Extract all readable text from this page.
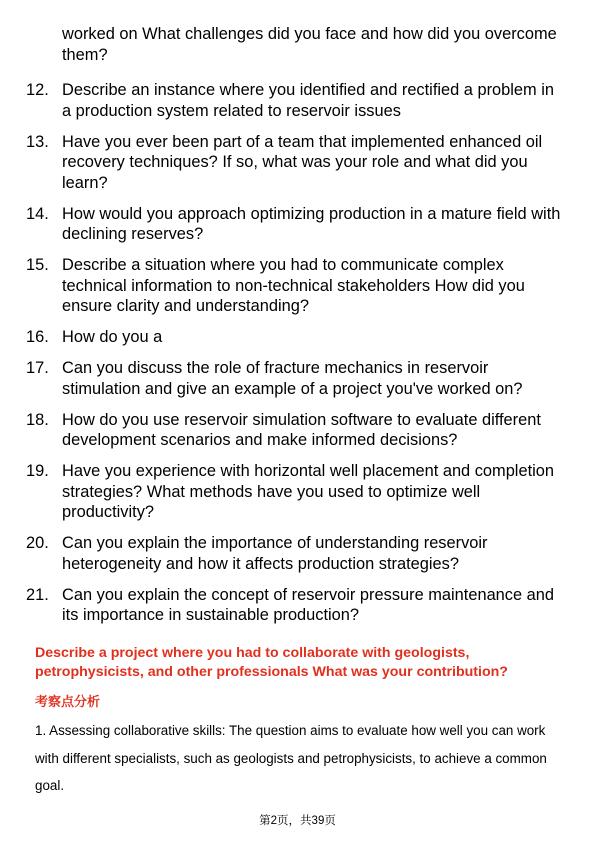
worked on What challenges did you face and how did you overcome them?

12. Describe an instance where you identified and rectified a problem in a production system related to reservoir issues
13. Have you ever been part of a team that implemented enhanced oil recovery techniques? If so, what was your role and what did you learn?
14. How would you approach optimizing production in a mature field with declining reserves?
15. Describe a situation where you had to communicate complex technical information to non-technical stakeholders How did you ensure clarity and understanding?
16. How do you a
17. Can you discuss the role of fracture mechanics in reservoir stimulation and give an example of a project you've worked on?
18. How do you use reservoir simulation software to evaluate different development scenarios and make informed decisions?
19. Have you experience with horizontal well placement and completion strategies? What methods have you used to optimize well productivity?
20. Can you explain the importance of understanding reservoir heterogeneity and how it affects production strategies?
21. Can you explain the concept of reservoir pressure maintenance and its importance in sustainable production?

Describe a project where you had to collaborate with geologists, petrophysicists, and other professionals What was your contribution?

考察点分析

1. Assessing collaborative skills: The question aims to evaluate how well you can work with different specialists, such as geologists and petrophysicists, to achieve a common goal.

第2页，共39页
